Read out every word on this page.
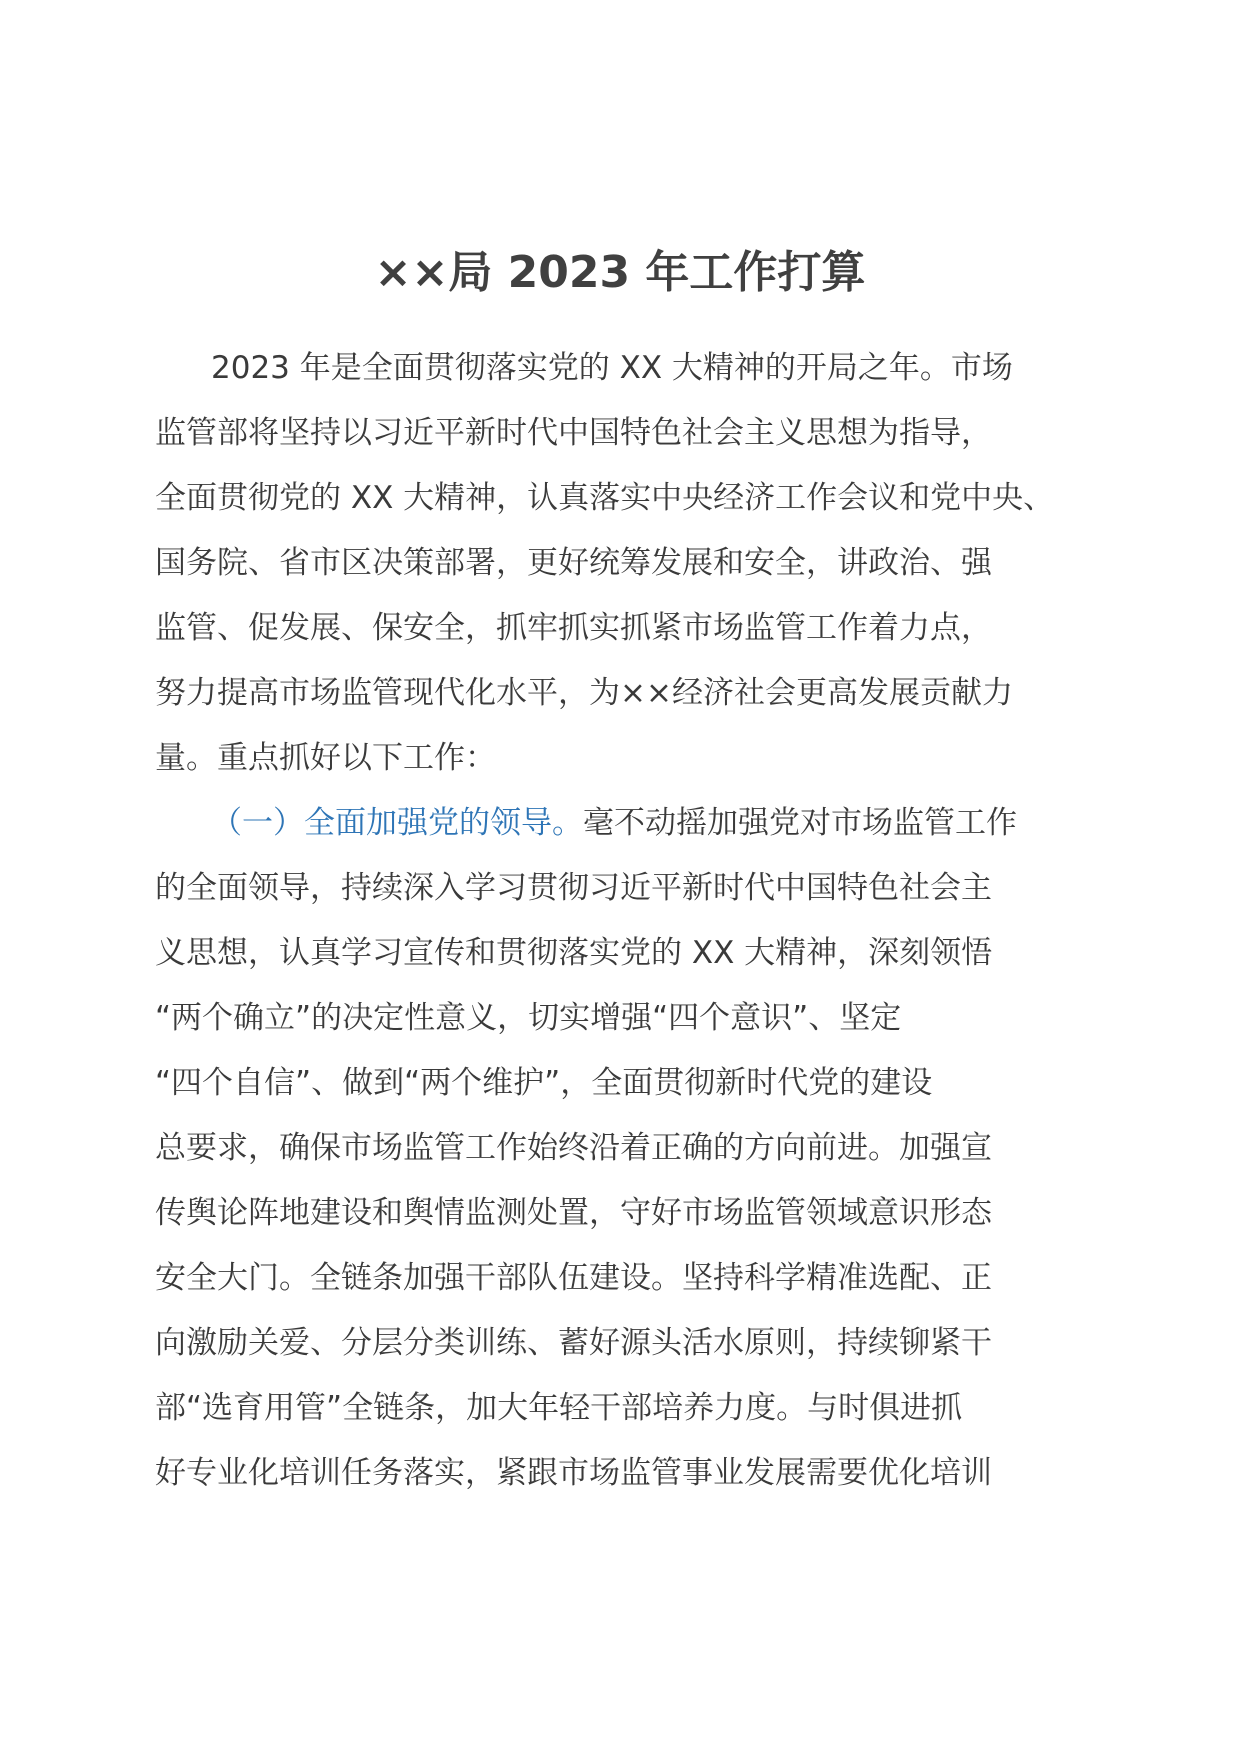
××局 2023 年工作打算
2023 年是全面贯彻落实党的 XX 大精神的开局之年。市场
监管部将坚持以习近平新时代中国特色社会主义思想为指导，
全面贯彻党的 XX 大精神，认真落实中央经济工作会议和党中央、
国务院、省市区决策部署，更好统筹发展和安全，讲政治、强
监管、促发展、保安全，抓牢抓实抓紧市场监管工作着力点，
努力提高市场监管现代化水平，为××经济社会更高发展贡献力
量。重点抓好以下工作：
（一）全面加强党的领导。毫不动摇加强党对市场监管工作
的全面领导，持续深入学习贯彻习近平新时代中国特色社会主
义思想，认真学习宣传和贯彻落实党的 XX 大精神，深刻领悟
“两个确立”的决定性意义，切实增强“四个意识”、坚定
“四个自信”、做到“两个维护”，全面贯彻新时代党的建设
总要求，确保市场监管工作始终沿着正确的方向前进。加强宣
传舆论阵地建设和舆情监测处置，守好市场监管领域意识形态
安全大门。全链条加强干部队伍建设。坚持科学精准选配、正
向激励关爱、分层分类训练、蓄好源头活水原则，持续铆紧干
部“选育用管”全链条，加大年轻干部培养力度。与时俱进抓
好专业化培训任务落实，紧跟市场监管事业发展需要优化培训
